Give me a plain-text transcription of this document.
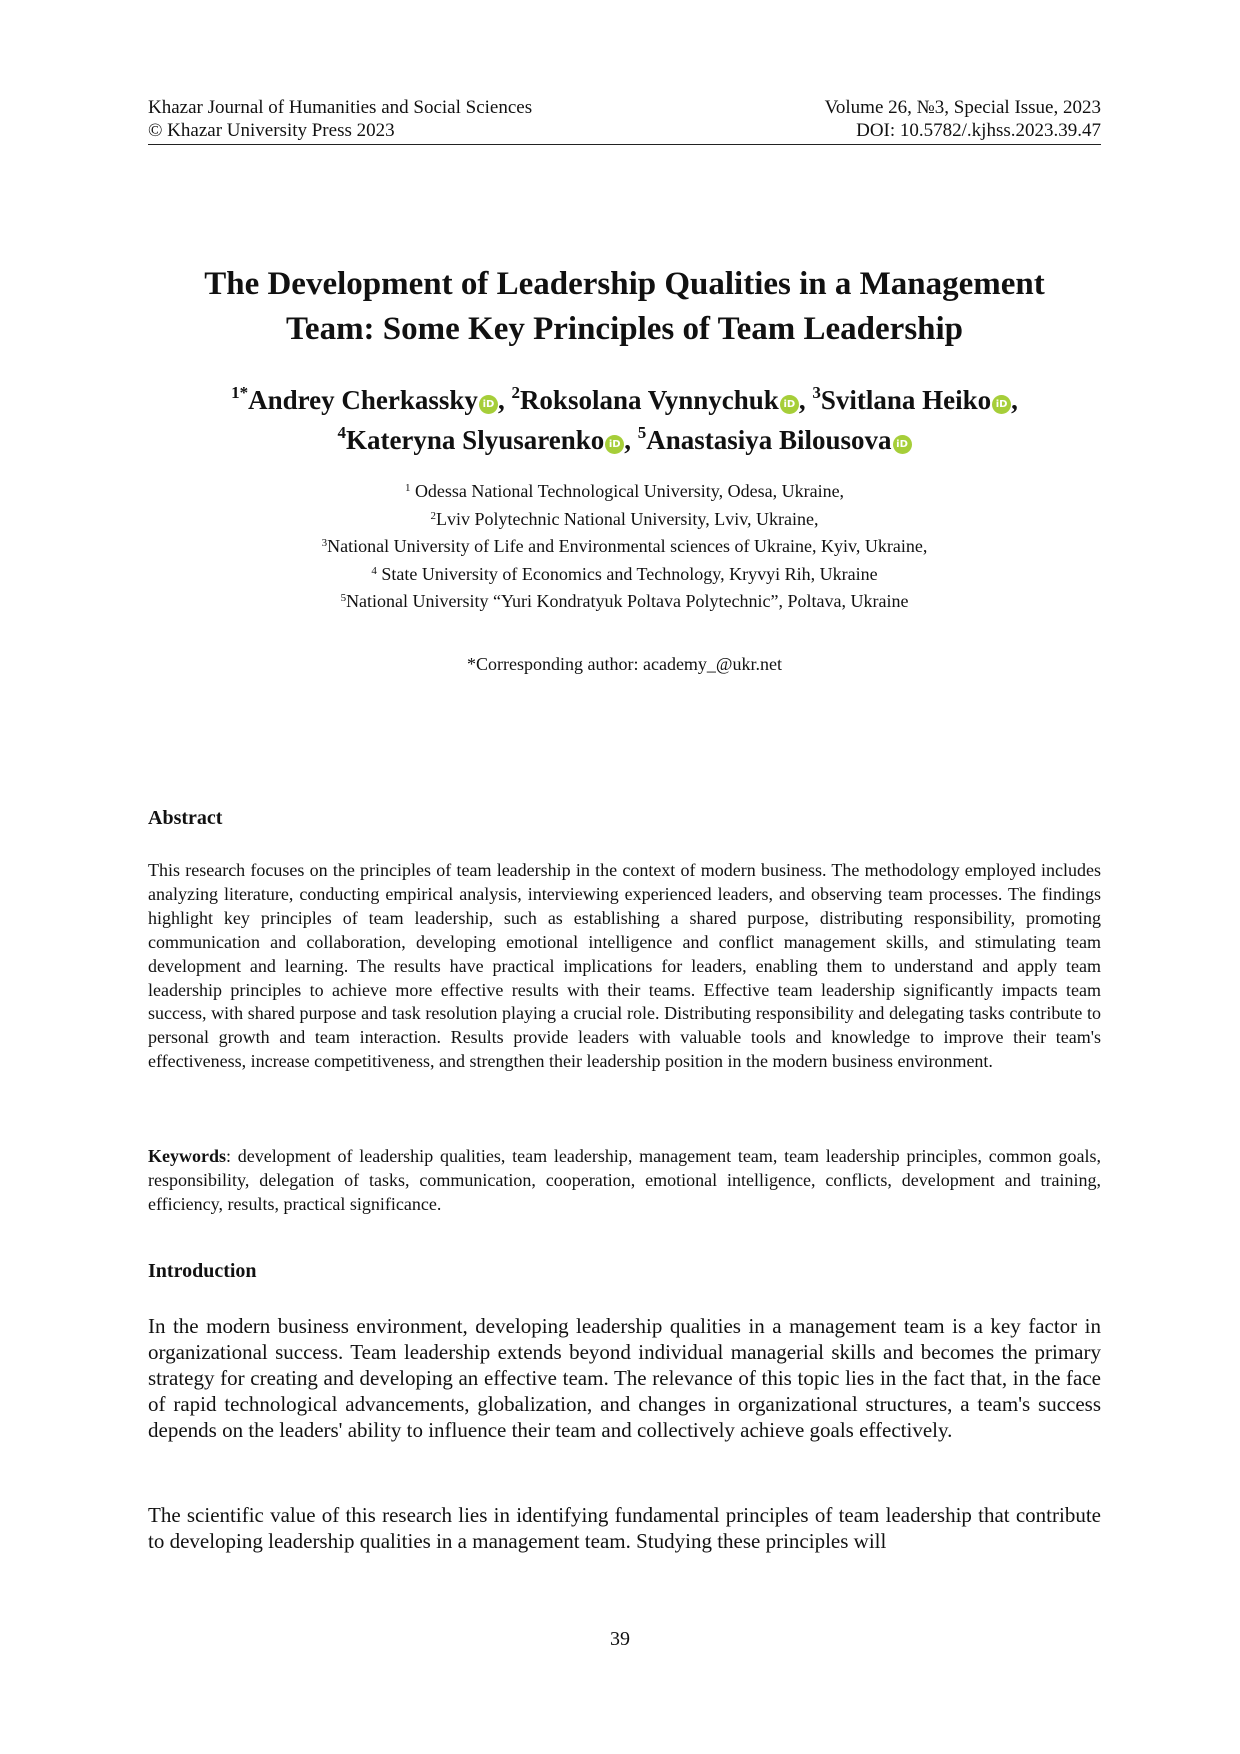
Khazar Journal of Humanities and Social Sciences	Volume 26, №3, Special Issue, 2023
© Khazar University Press 2023	DOI: 10.5782/.kjhss.2023.39.47
The Development of Leadership Qualities in a Management
Team: Some Key Principles of Team Leadership
$^{1*}$Andrey Cherkassky iD , $^2$Roksolana Vynnychuk iD , $^3$Svitlana Heiko iD ,
$^4$Kateryna Slyusarenko iD , $^5$Anastasiya Bilousova iD
$^1$ Odessa National Technological University, Odesa, Ukraine,
$^2$Lviv Polytechnic National University, Lviv, Ukraine,
$^3$National University of Life and Environmental sciences of Ukraine, Kyiv, Ukraine,
$^4$ State University of Economics and Technology, Kryvyi Rih, Ukraine
$^5$National University “Yuri Kondratyuk Poltava Polytechnic”, Poltava, Ukraine
*Corresponding author: academy_@ukr.net
Abstract

This research focuses on the principles of team leadership in the context of modern business. The methodology employed includes analyzing literature, conducting empirical analysis, interviewing experienced leaders, and observing team processes. The findings highlight key principles of team leadership, such as establishing a shared purpose, distributing responsibility, promoting communication and collaboration, developing emotional intelligence and conflict management skills, and stimulating team development and learning. The results have practical implications for leaders, enabling them to understand and apply team leadership principles to achieve more effective results with their teams. Effective team leadership significantly impacts team success, with shared purpose and task resolution playing a crucial role. Distributing responsibility and delegating tasks contribute to personal growth and team interaction. Results provide leaders with valuable tools and knowledge to improve their team's effectiveness, increase competitiveness, and strengthen their leadership position in the modern business environment.

Keywords: development of leadership qualities, team leadership, management team, team leadership principles, common goals, responsibility, delegation of tasks, communication, cooperation, emotional intelligence, conflicts, development and training, efficiency, results, practical significance.

Introduction

In the modern business environment, developing leadership qualities in a management team is a key factor in organizational success. Team leadership extends beyond individual managerial skills and becomes the primary strategy for creating and developing an effective team. The relevance of this topic lies in the fact that, in the face of rapid technological advancements, globalization, and changes in organizational structures, a team's success depends on the leaders' ability to influence their team and collectively achieve goals effectively.

The scientific value of this research lies in identifying fundamental principles of team leadership that contribute to developing leadership qualities in a management team. Studying these principles will

39
